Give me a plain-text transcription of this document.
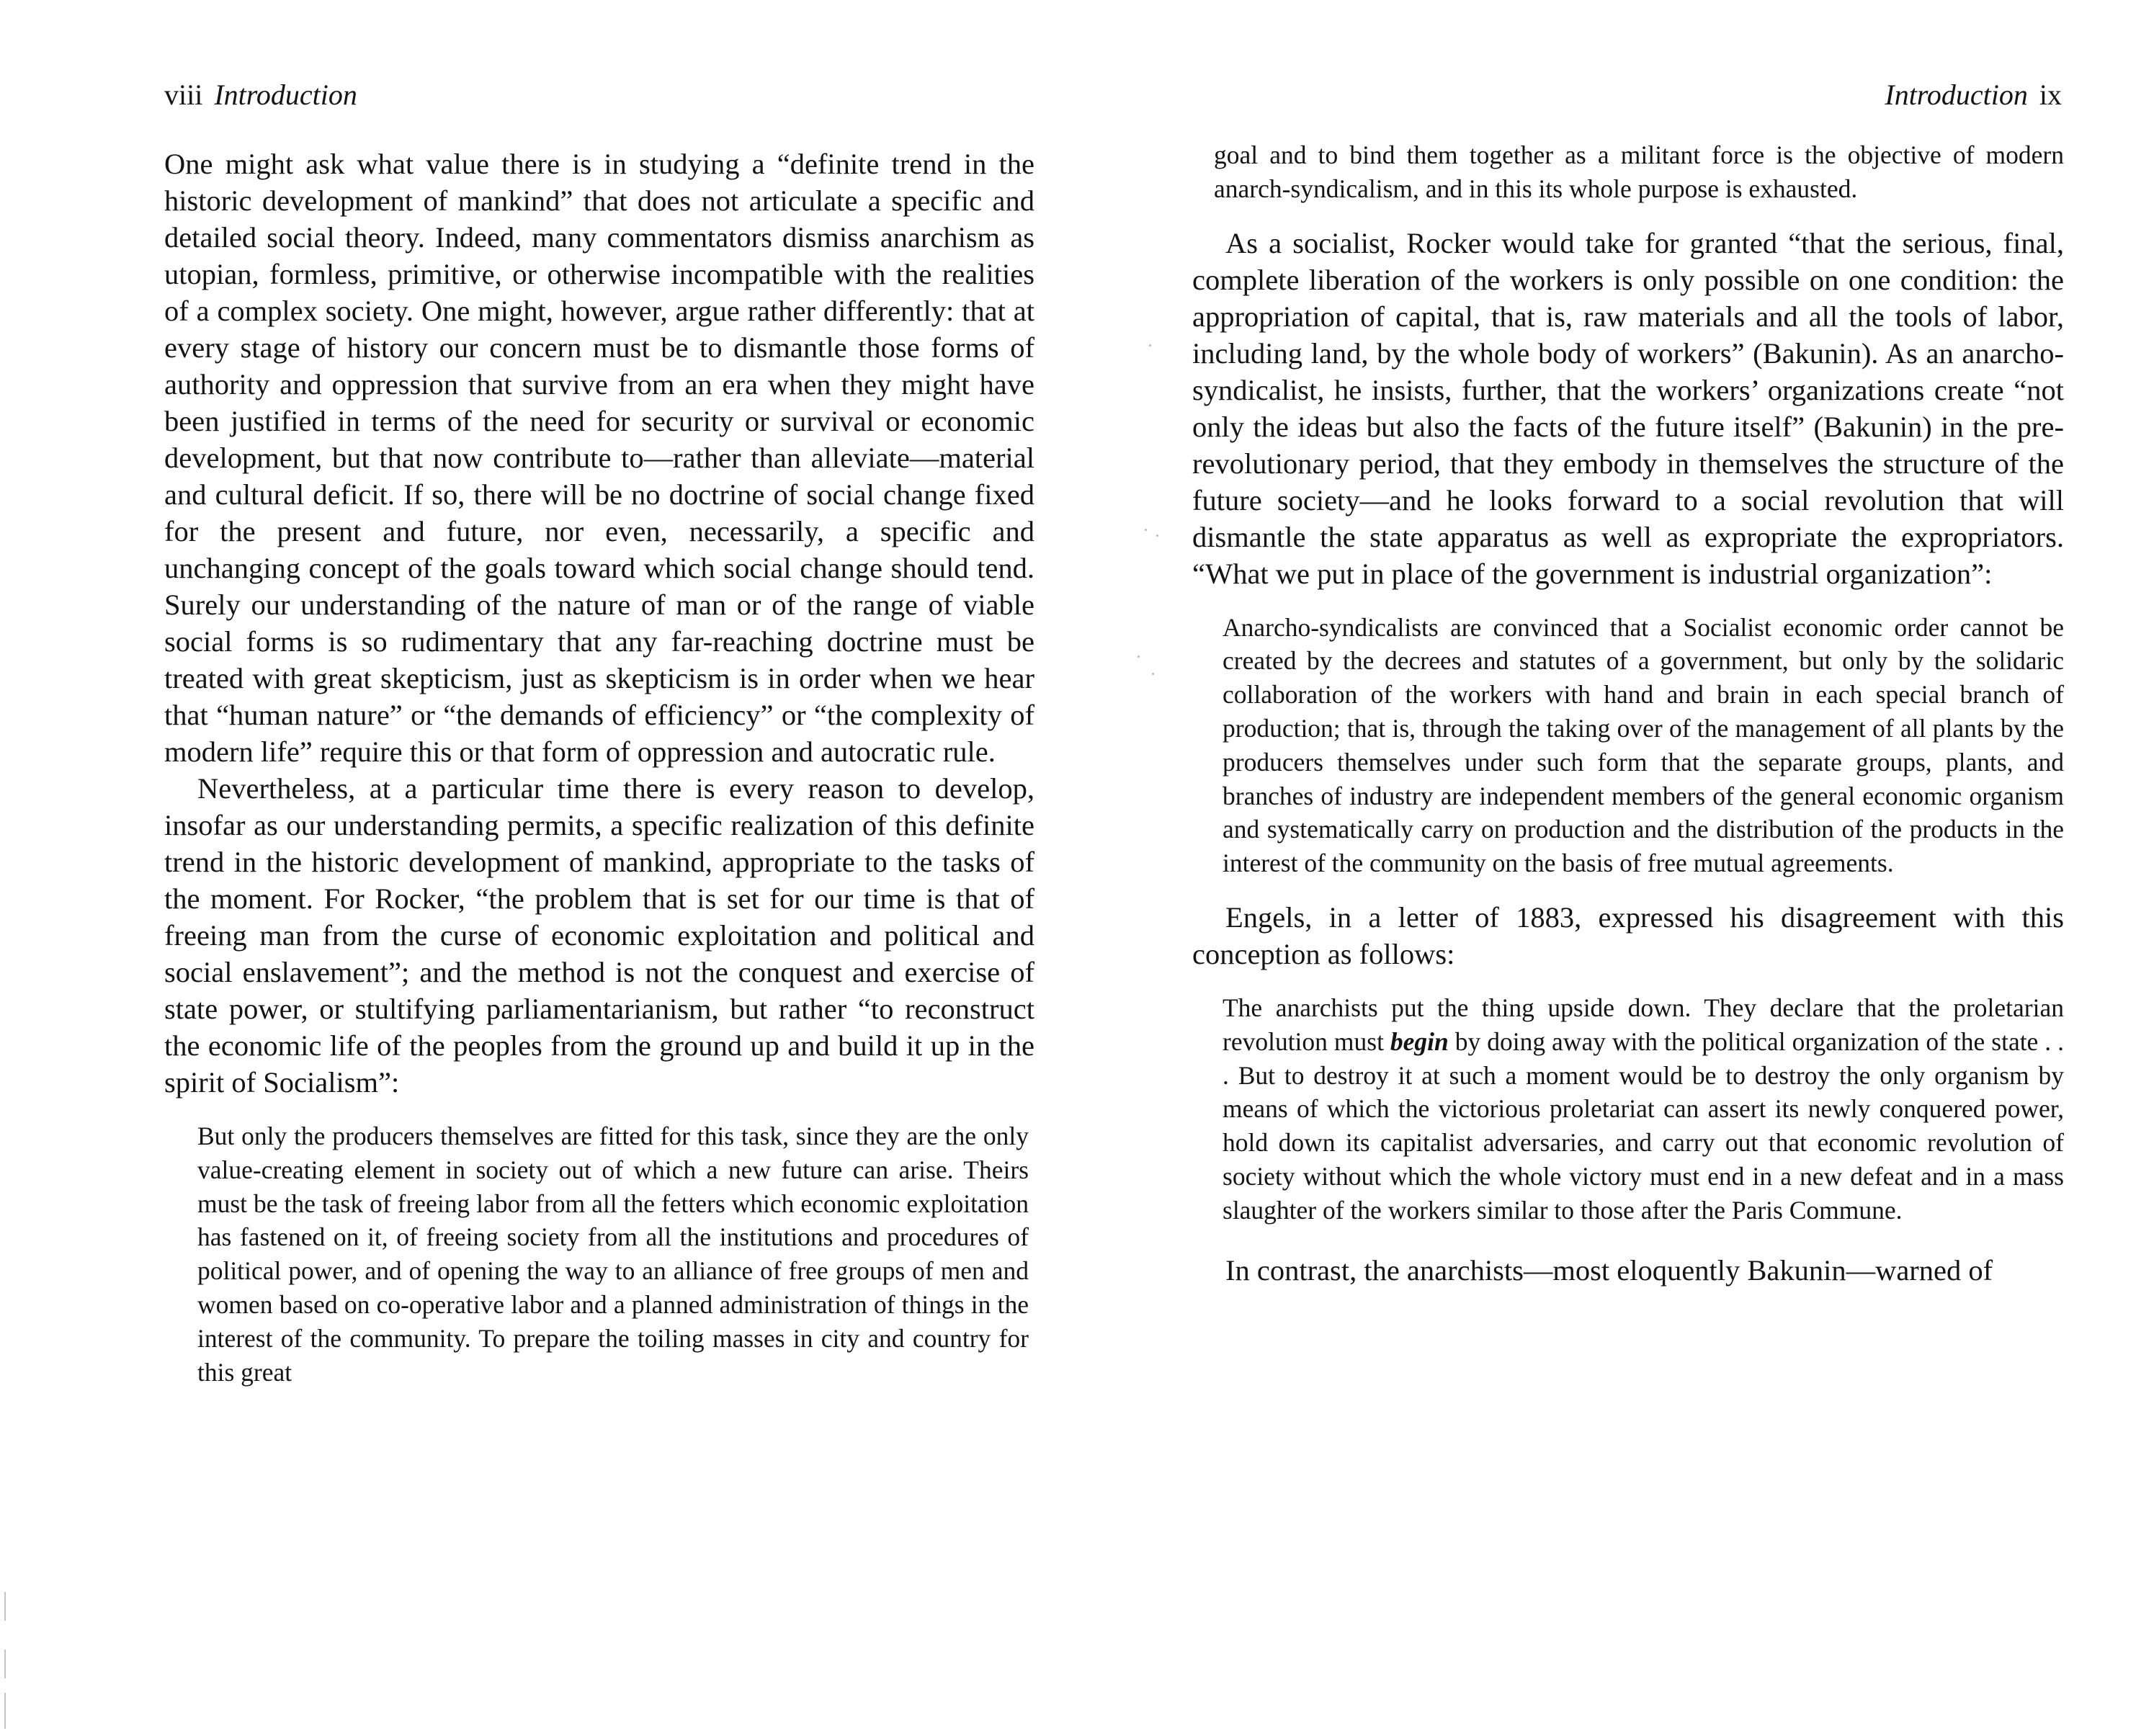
viii Introduction

One might ask what value there is in studying a “definite trend in the historic development of mankind” that does not articulate a specific and detailed social theory. Indeed, many commentators dismiss anarchism as utopian, formless, primitive, or otherwise incompatible with the realities of a complex society. One might, however, argue rather differently: that at every stage of history our concern must be to dismantle those forms of authority and oppression that survive from an era when they might have been justified in terms of the need for security or survival or economic development, but that now contribute to—rather than alleviate—material and cultural deficit. If so, there will be no doctrine of social change fixed for the present and future, nor even, necessarily, a specific and unchanging concept of the goals toward which social change should tend. Surely our understanding of the nature of man or of the range of viable social forms is so rudimentary that any far-reaching doctrine must be treated with great skepticism, just as skepticism is in order when we hear that “human nature” or “the demands of efficiency” or “the complexity of modern life” require this or that form of oppression and autocratic rule.

Nevertheless, at a particular time there is every reason to develop, insofar as our understanding permits, a specific realization of this definite trend in the historic development of mankind, appropriate to the tasks of the moment. For Rocker, “the problem that is set for our time is that of freeing man from the curse of economic exploitation and political and social enslavement”; and the method is not the conquest and exercise of state power, or stultifying parliamentarianism, but rather “to reconstruct the economic life of the peoples from the ground up and build it up in the spirit of Socialism”:

But only the producers themselves are fitted for this task, since they are the only value-creating element in society out of which a new future can arise. Theirs must be the task of freeing labor from all the fetters which economic exploitation has fastened on it, of freeing society from all the institutions and procedures of political power, and of opening the way to an alliance of free groups of men and women based on co-operative labor and a planned administration of things in the interest of the community. To prepare the toiling masses in city and country for this great

Introduction ix

goal and to bind them together as a militant force is the objective of modern anarch-syndicalism, and in this its whole purpose is exhausted.

As a socialist, Rocker would take for granted “that the serious, final, complete liberation of the workers is only possible on one condition: the appropriation of capital, that is, raw materials and all the tools of labor, including land, by the whole body of workers” (Bakunin). As an anarcho-syndicalist, he insists, further, that the workers’ organizations create “not only the ideas but also the facts of the future itself” (Bakunin) in the pre-revolutionary period, that they embody in themselves the structure of the future society—and he looks forward to a social revolution that will dismantle the state apparatus as well as expropriate the expropriators. “What we put in place of the government is industrial organization”:

Anarcho-syndicalists are convinced that a Socialist economic order cannot be created by the decrees and statutes of a government, but only by the solidaric collaboration of the workers with hand and brain in each special branch of production; that is, through the taking over of the management of all plants by the producers themselves under such form that the separate groups, plants, and branches of industry are independent members of the general economic organism and systematically carry on production and the distribution of the products in the interest of the community on the basis of free mutual agreements.

Engels, in a letter of 1883, expressed his disagreement with this conception as follows:

The anarchists put the thing upside down. They declare that the proletarian revolution must begin by doing away with the political organization of the state . . . But to destroy it at such a moment would be to destroy the only organism by means of which the victorious proletariat can assert its newly conquered power, hold down its capitalist adversaries, and carry out that economic revolution of society without which the whole victory must end in a new defeat and in a mass slaughter of the workers similar to those after the Paris Commune.

In contrast, the anarchists—most eloquently Bakunin—warned of
